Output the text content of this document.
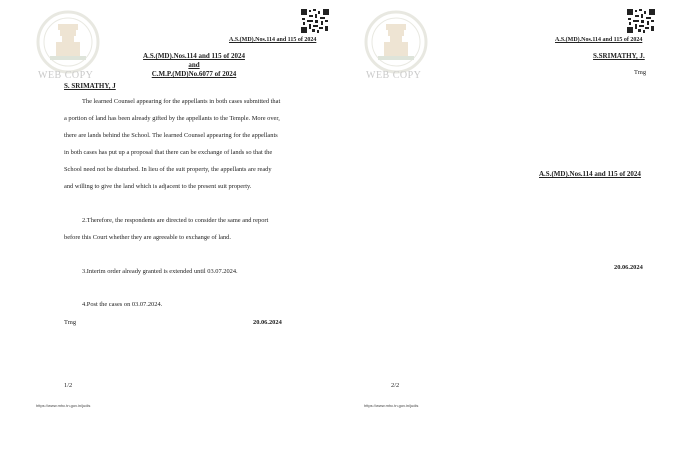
WEB COPY
A.S.(MD).Nos.114 and 115 of 2024
A.S.(MD).Nos.114 and 115 of 2024
and
C.M.P.(MD)No.6077 of 2024
S. SRIMATHY, J
The learned Counsel appearing for the appellants in both cases submitted that
a portion of land has been already gifted by the appellants to the Temple. More over,
there are lands behind the School. The learned Counsel appearing for the appellants
in both cases has put up a proposal that there can be exchange of lands so that the
School need not be disturbed. In lieu of the suit property, the appellants are ready
and willing to give the land which is adjacent to the present suit property.
2.Therefore, the respondents are directed to consider the same and report
before this Court whether they are agreeable to exchange of land.
3.Interim order already granted is extended until 03.07.2024.
4.Post the cases on 03.07.2024.
Tmg	20.06.2024
1/2
https://www.mhc.tn.gov.in/judis
WEB COPY
A.S.(MD).Nos.114 and 115 of 2024
S.SRIMATHY, J.
Tmg
A.S.(MD).Nos.114 and 115 of 2024
20.06.2024
2/2
https://www.mhc.tn.gov.in/judis
